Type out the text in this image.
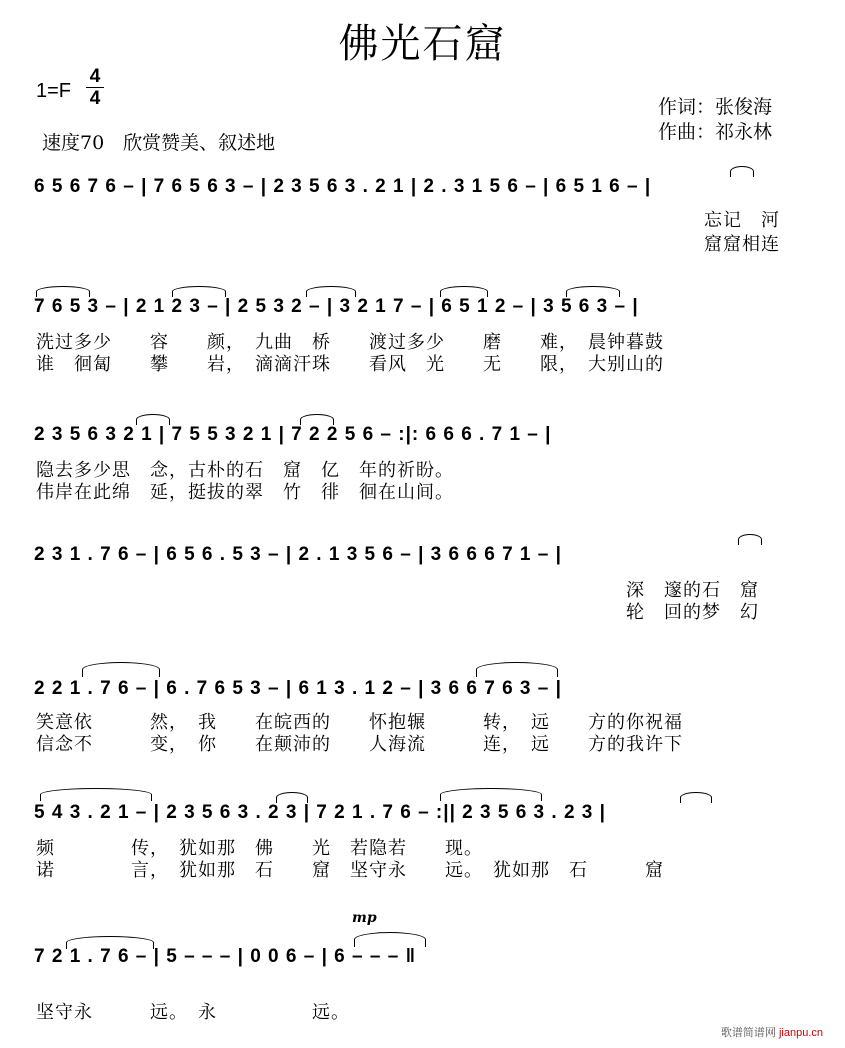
佛光石窟
1=F
4
4
速度70　欣赏赞美、叙述地
作词：张俊海
作曲：祁永林
6 5 6 7 6 – | 7 6 5 6 3 – | 2 3 5 6 3 . 2 1 | 2 . 3 1 5 6 – | 6 5 1 6 – |
忘记　河
窟窟相连
7 6 5 3 – | 2 1 2 3 – | 2 5 3 2 – | 3 2 1 7 – | 6 5 1 2 – | 3 5 6 3 – |
洗过多少　　容　　颜，　九曲　桥　　渡过多少　　磨　　难，　晨钟暮鼓
谁　徊匐　　攀　　岩，　滴滴汗珠　　看风　光　　无　　限，　大别山的
2 3 5 6 3 2 1 | 7 5 5 3 2 1 | 7 2 2 5 6 – :|: 6 6 6 . 7 1 – |
隐去多少思　念，古朴的石　窟　亿　年的祈盼。
伟岸在此绵　延，挺拔的翠　竹　徘　徊在山间。
2 3 1 . 7 6 – | 6 5 6 . 5 3 – | 2 . 1 3 5 6 – | 3 6 6 6 7 1 – |
深　邃的石　窟
轮　回的梦　幻
2 2 1 . 7 6 – | 6 . 7 6 5 3 – | 6 1 3 . 1 2 – | 3 6 6 7 6 3 – |
笑意依　　　然，　我　　在皖西的　　怀抱辗　　　转，　远　　方的你祝福
信念不　　　变，　你　　在颠沛的　　人海流　　　连，　远　　方的我许下
5 4 3 . 2 1 – | 2 3 5 6 3 . 2 3 | 7 2 1 . 7 6 – :|| 2 3 5 6 3 . 2 3 |
频　　　　传，　犹如那　佛　　光　若隐若　　现。
诺　　　　言，　犹如那　石　　窟　坚守永　　远。　犹如那　石　　　窟
mp
7 2 1 . 7 6 – | 5 – – – | 0 0 6 – | 6 – – – ‖
坚守永　　　远。　永　　　　　远。
歌谱简谱网 jianpu.cn
